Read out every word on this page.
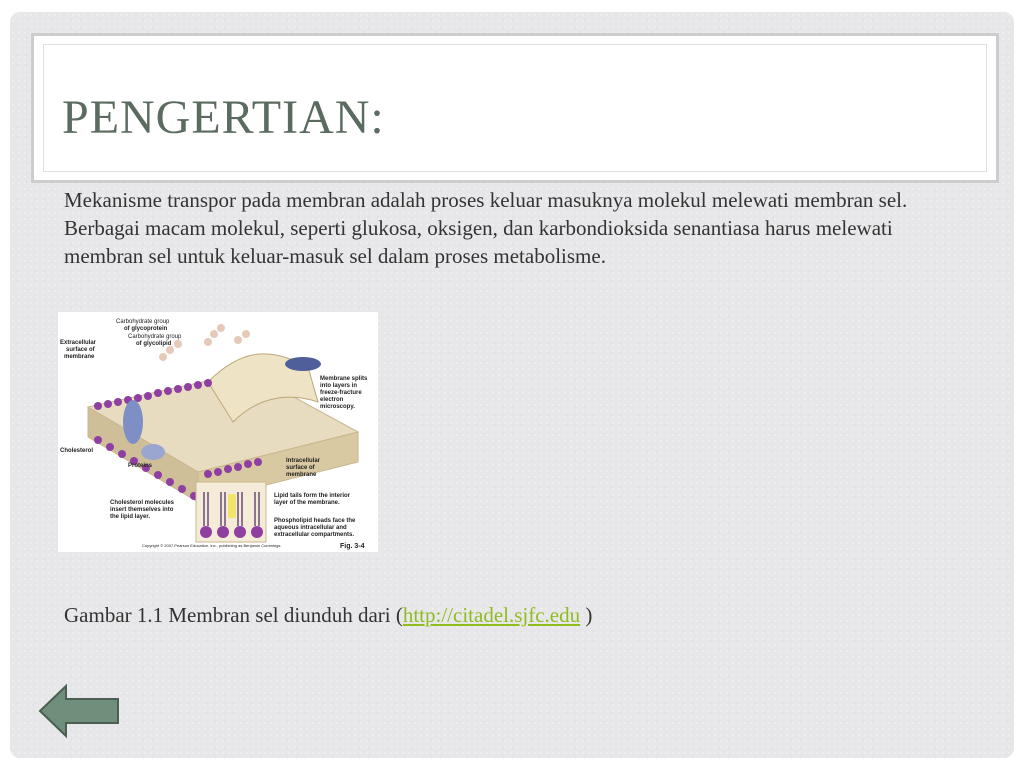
PENGERTIAN:

Mekanisme transpor pada membran adalah proses keluar masuknya molekul melewati membran sel. Berbagai macam molekul, seperti glukosa, oksigen, dan karbondioksida senantiasa harus melewati membran sel untuk keluar-masuk sel dalam proses metabolisme.

Carbohydrate group
of glycoprotein
Carbohydrate group
of glycolipid
Extracellular
surface of
membrane
Membrane splits
into layers in
freeze-fracture
electron
microscopy.
Cholesterol
Proteins
Intracellular
surface of
membrane
Lipid tails form the interior
layer of the membrane.
Cholesterol molecules
insert themselves into
the lipid layer.
Phospholipid heads face the
aqueous intracellular and
extracellular compartments.
Copyright © 2007 Pearson Education, Inc., publishing as Benjamin Cummings.	Fig. 3-4

Gambar 1.1 Membran sel diunduh dari (http://citadel.sjfc.edu )
